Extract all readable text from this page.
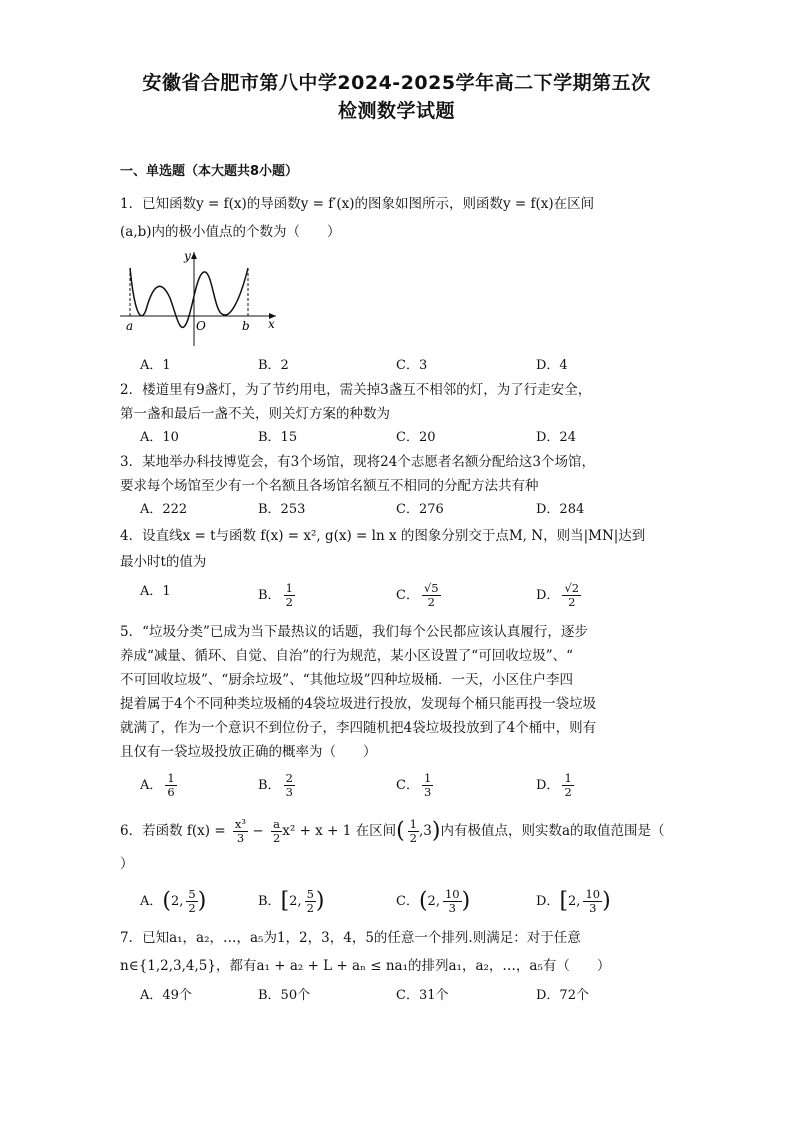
安徽省合肥市第八中学2024-2025学年高二下学期第五次
检测数学试题
一、单选题（本大题共8小题）
1．已知函数y = f(x)的导函数y = f′(x)的图象如图所示，则函数y = f(x)在区间
(a,b)内的极小值点的个数为（　　）
y
x
a	O	b
A．1	B．2	C．3	D．4
2．楼道里有9盏灯，为了节约用电，需关掉3盏互不相邻的灯，为了行走安全，
第一盏和最后一盏不关，则关灯方案的种数为
A．10	B．15	C．20	D．24
3．某地举办科技博览会，有3个场馆，现将24个志愿者名额分配给这3个场馆，
要求每个场馆至少有一个名额且各场馆名额互不相同的分配方法共有种
A．222	B．253	C．276	D．284
4．设直线x = t与函数 f(x) = x², g(x) = ln x 的图象分别交于点M, N，则当|MN|达到
最小时t的值为
A．1	B． $\frac{1}{2}$	C． $\frac{√5}{2}$	D． $\frac{√2}{2}$
5．“垃圾分类”已成为当下最热议的话题，我们每个公民都应该认真履行，逐步
养成“减量、循环、自觉、自治”的行为规范，某小区设置了“可回收垃圾”、“
不可回收垃圾”、“厨余垃圾”、“其他垃圾”四种垃圾桶．一天，小区住户李四
提着属于4个不同种类垃圾桶的4袋垃圾进行投放，发现每个桶只能再投一袋垃圾
就满了，作为一个意识不到位份子，李四随机把4袋垃圾投放到了4个桶中，则有
且仅有一袋垃圾投放正确的概率为（　　）
A． $\frac{1}{6}$	B． $\frac{2}{3}$	C． $\frac{1}{3}$	D． $\frac{1}{2}$
6．若函数 $f(x) = \frac{\text{x³}}{3} - \frac{a}{2} x^2 + x + 1$ 在区间( $\frac{1}{2} ,3$)内有极值点，则实数a的取值范围是（
）
A．(2, $\frac{5}{2}$ )	B．[2, $\frac{5}{2}$ )	C．(2, $\frac{10}{3}$ )	D．[2, $\frac{10}{3}$ )
7．已知a₁，a₂，…，a₅为1，2，3，4，5的任意一个排列.则满足：对于任意
n∈{1,2,3,4,5}，都有a₁ + a₂ + L + aₙ ≤ na₁的排列a₁，a₂，…，a₅有（　　）
A．49个	B．50个	C．31个	D．72个
